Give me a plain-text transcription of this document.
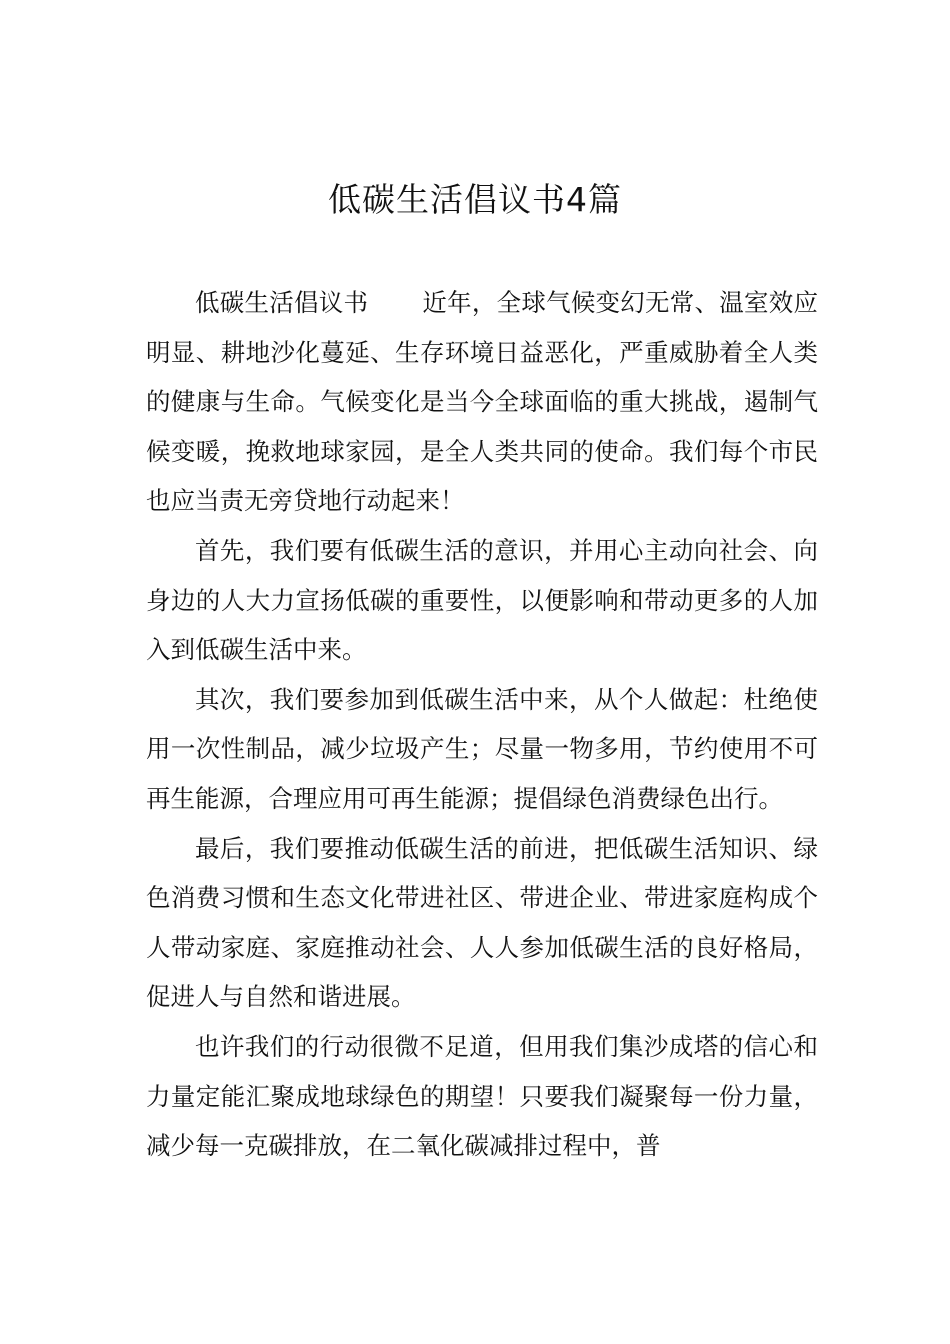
低碳生活倡议书4篇

低碳生活倡议书 近年，全球气候变幻无常、温室效应明显、耕地沙化蔓延、生存环境日益恶化，严重威胁着全人类的健康与生命。气候变化是当今全球面临的重大挑战，遏制气候变暖，挽救地球家园，是全人类共同的使命。我们每个市民也应当责无旁贷地行动起来！

首先，我们要有低碳生活的意识，并用心主动向社会、向身边的人大力宣扬低碳的重要性，以便影响和带动更多的人加入到低碳生活中来。

其次，我们要参加到低碳生活中来，从个人做起：杜绝使用一次性制品，减少垃圾产生；尽量一物多用，节约使用不可再生能源，合理应用可再生能源；提倡绿色消费绿色出行。

最后，我们要推动低碳生活的前进，把低碳生活知识、绿色消费习惯和生态文化带进社区、带进企业、带进家庭构成个人带动家庭、家庭推动社会、人人参加低碳生活的良好格局，促进人与自然和谐进展。

也许我们的行动很微不足道，但用我们集沙成塔的信心和力量定能汇聚成地球绿色的期望！只要我们凝聚每一份力量，减少每一克碳排放，在二氧化碳减排过程中，普
